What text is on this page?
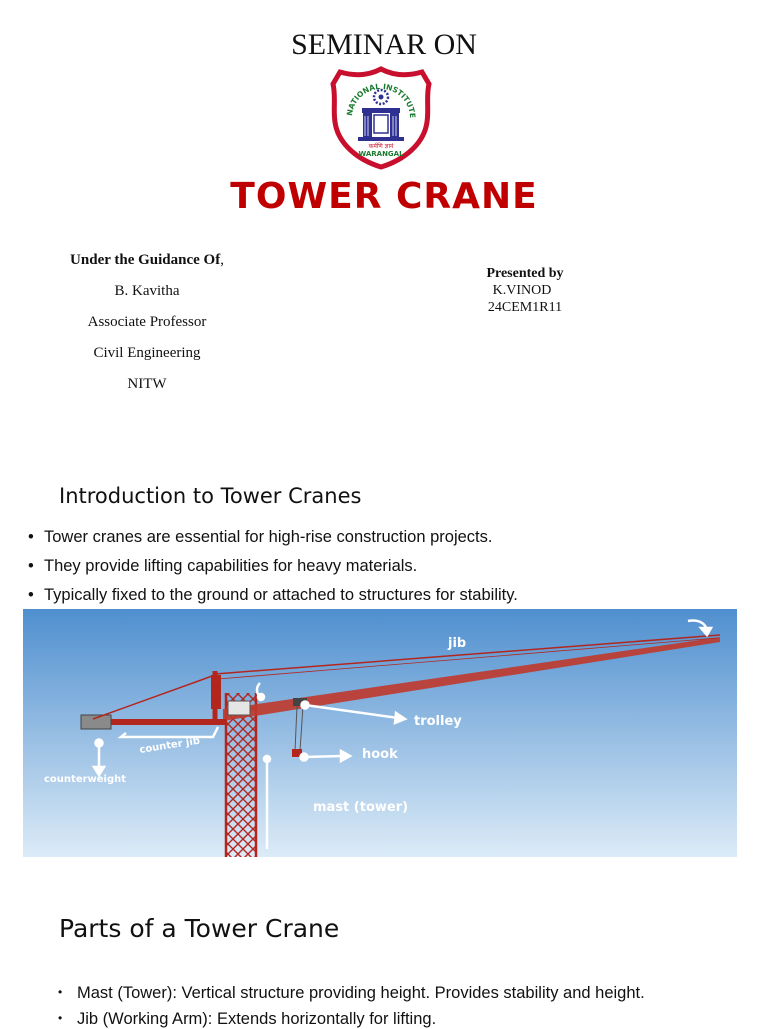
SEMINAR ON
NATIONAL INSTITUTE
कर्मणि ज्ञानं
WARANGAL
TOWER CRANE
Under the Guidance Of,
B. Kavitha
Associate Professor
Civil Engineering
NITW
Presented by
K.VINOD
24CEM1R11
Introduction to Tower Cranes
• Tower cranes are essential for high-rise construction projects.
• They provide lifting capabilities for heavy materials.
• Typically fixed to the ground or attached to structures for stability.
jib
trolley
hook
counter jib
counterweight
mast (tower)
Parts of a Tower Crane
• Mast (Tower): Vertical structure providing height. Provides stability and height.
• Jib (Working Arm): Extends horizontally for lifting.
